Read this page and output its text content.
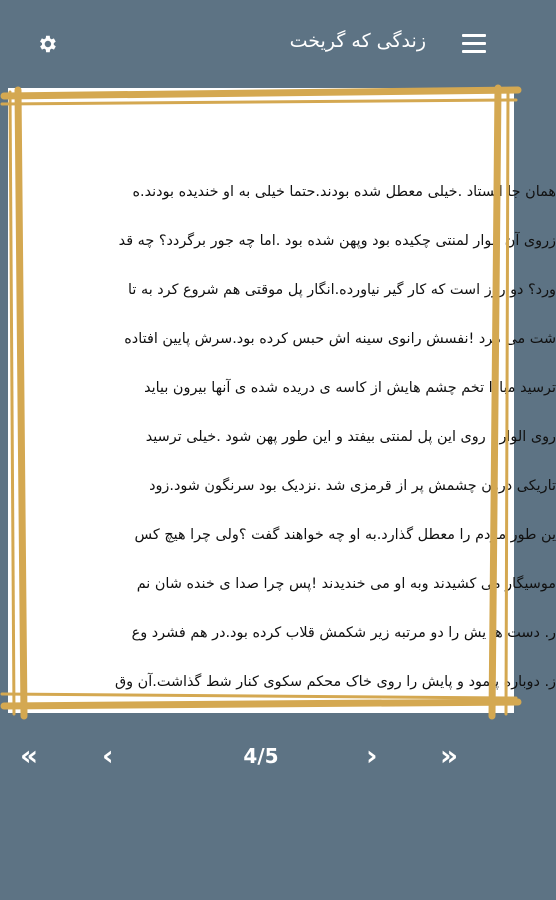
زندگی که گریخت

همان جا ایستاد .خیلی معطل شده بودند.حتما خیلی به او خندیده بودند.ه

زروی آن الوار لمنتی چکیده بود وپهن شده بود .اما چه جور برگردد؟ چه قد

ورد؟ دو روز است که کار گیر نیاورده.انگار پل موقتی هم شروع کرد به تا

شت می مرد !نفسش رانوی سینه اش حبس کرده بود.سرش پایین افتاده

ترسید مبادا تخم چشم هایش از کاسه ی دریده شده ی آنها بیرون بیاید

روی الوار ، روی این پل لمنتی بیفتد و این طور پهن شود .خیلی ترسید

تاریکی درون چشمش پر از قرمزی شد .نزدیک بود سرنگون شود.زود

ین طور مردم را معطل گذارد.به او چه خواهند گفت ؟ولی چرا هیچ کس

موسیگار می کشیدند وبه او می خندیدند !پس چرا صدا ی خنده شان نم

ر. دست ها یش را دو مرتبه زیر شکمش قلاب کرده بود.در هم فشرد وع

ز. دوباره پیمود و پایش را روی خاک محکم سکوی کنار شط گذاشت.آن وق

« ‹	4/5	› »
